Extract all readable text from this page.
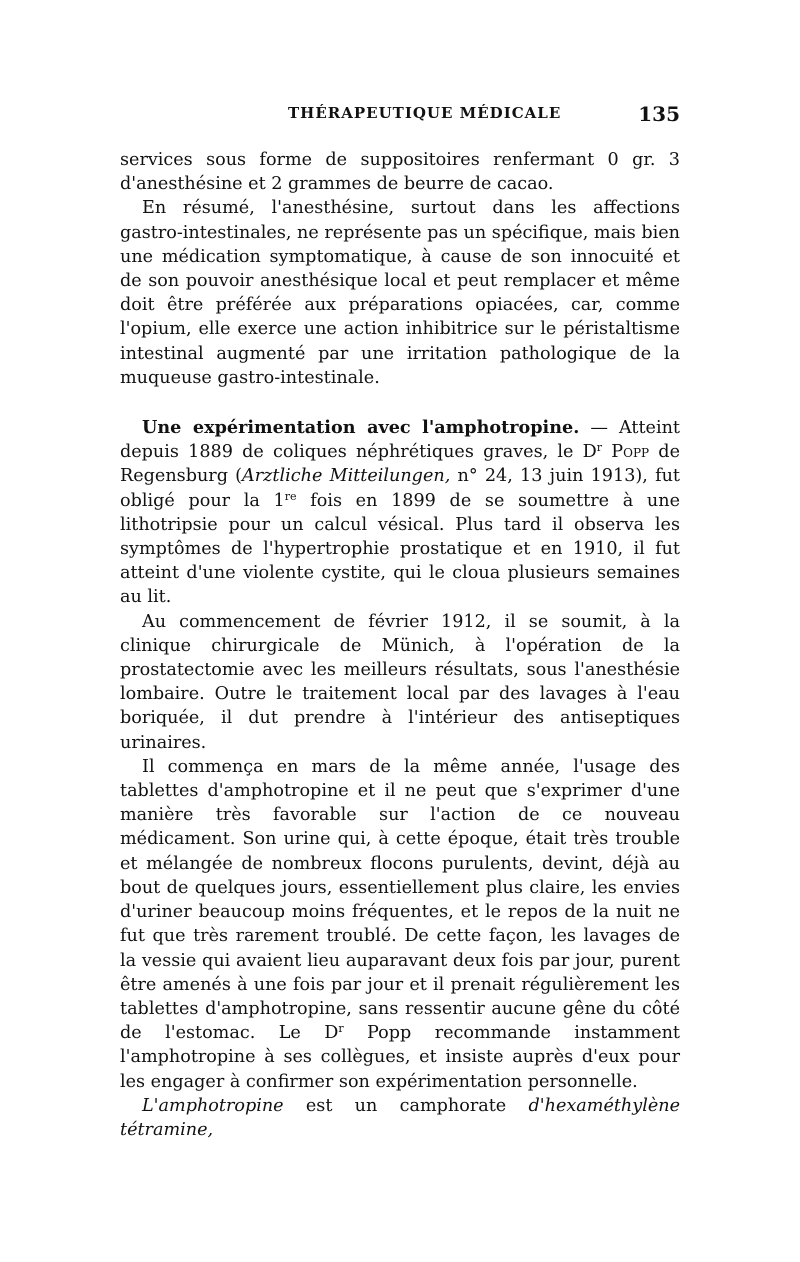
THÉRAPEUTIQUE MÉDICALE	135

services sous forme de suppositoires renfermant 0 gr. 3 d'anesthésine et 2 grammes de beurre de cacao.

En résumé, l'anesthésine, surtout dans les affections gastro-intestinales, ne représente pas un spécifique, mais bien une médication symptomatique, à cause de son innocuité et de son pouvoir anesthésique local et peut remplacer et même doit être préférée aux préparations opiacées, car, comme l'opium, elle exerce une action inhibitrice sur le péristaltisme intestinal augmenté par une irritation pathologique de la muqueuse gastro-intestinale.

Une expérimentation avec l'amphotropine. — Atteint depuis 1889 de coliques néphrétiques graves, le $D^r$ Popp de Regensburg (Arztliche Mitteilungen, n° 24, 13 juin 1913), fut obligé pour la 1re fois en 1899 de se soumettre à une lithotripsie pour un calcul vésical. Plus tard il observa les symptômes de l'hypertrophie prostatique et en 1910, il fut atteint d'une violente cystite, qui le cloua plusieurs semaines au lit.

Au commencement de février 1912, il se soumit, à la clinique chirurgicale de Münich, à l'opération de la prostatectomie avec les meilleurs résultats, sous l'anesthésie lombaire. Outre le traitement local par des lavages à l'eau boriquée, il dut prendre à l'intérieur des antiseptiques urinaires.

Il commença en mars de la même année, l'usage des tablettes d'amphotropine et il ne peut que s'exprimer d'une manière très favorable sur l'action de ce nouveau médicament. Son urine qui, à cette époque, était très trouble et mélangée de nombreux flocons purulents, devint, déjà au bout de quelques jours, essentiellement plus claire, les envies d'uriner beaucoup moins fréquentes, et le repos de la nuit ne fut que très rarement troublé. De cette façon, les lavages de la vessie qui avaient lieu auparavant deux fois par jour, purent être amenés à une fois par jour et il prenait régulièrement les tablettes d'amphotropine, sans ressentir aucune gêne du côté de l'estomac. Le $D^r$ Popp recommande instamment l'amphotropine à ses collègues, et insiste auprès d'eux pour les engager à confirmer son expérimentation personnelle.

L'amphotropine est un camphorate d'hexaméthylène tétramine,
